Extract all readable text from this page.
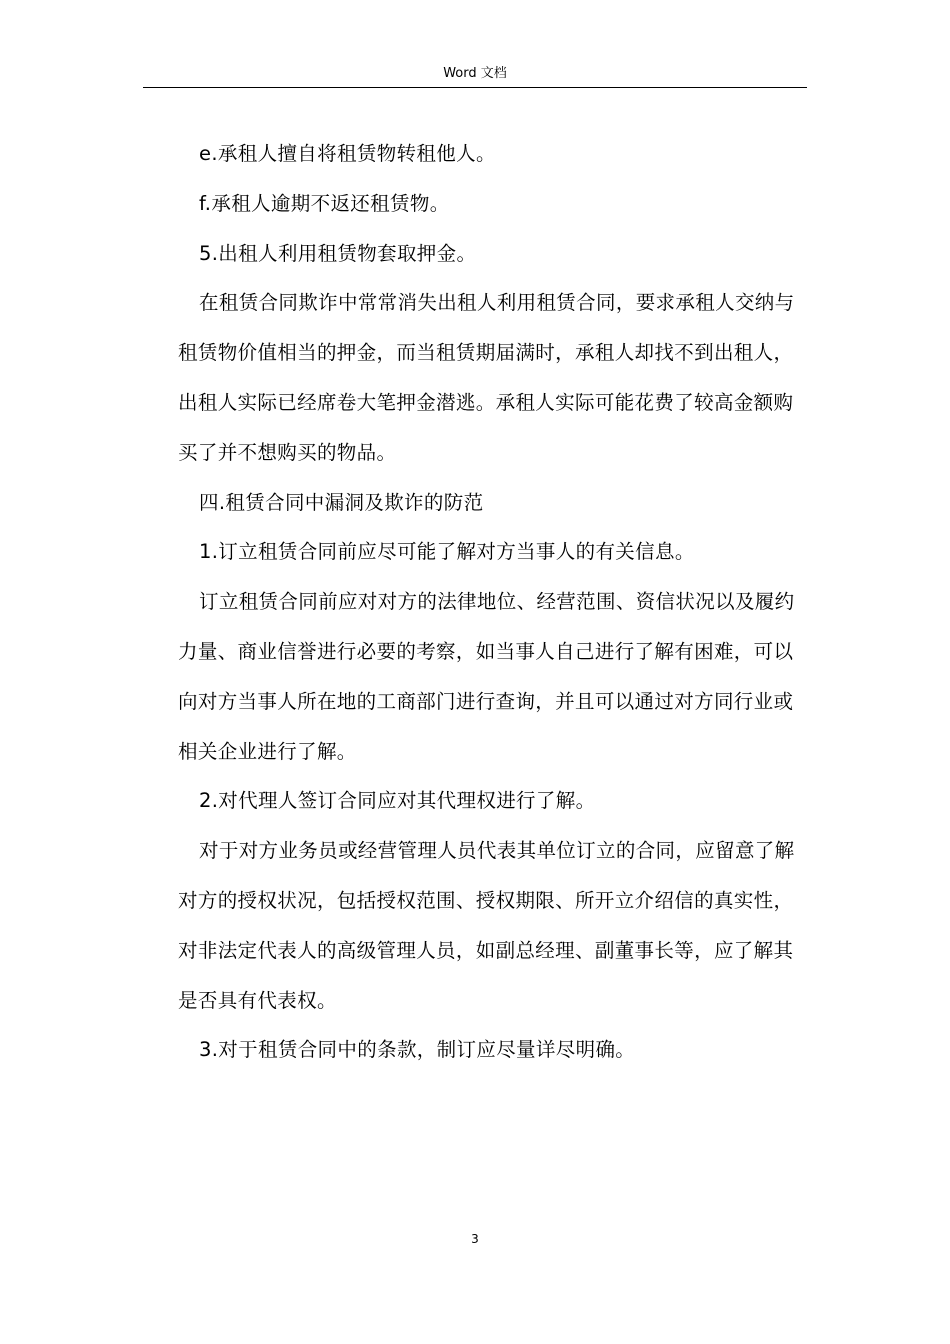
Word 文档

e.承租人擅自将租赁物转租他人。

f.承租人逾期不返还租赁物。

5.出租人利用租赁物套取押金。

在租赁合同欺诈中常常消失出租人利用租赁合同，要求承租人交纳与租赁物价值相当的押金，而当租赁期届满时，承租人却找不到出租人，出租人实际已经席卷大笔押金潜逃。承租人实际可能花费了较高金额购买了并不想购买的物品。

四.租赁合同中漏洞及欺诈的防范

1.订立租赁合同前应尽可能了解对方当事人的有关信息。

订立租赁合同前应对对方的法律地位、经营范围、资信状况以及履约力量、商业信誉进行必要的考察，如当事人自己进行了解有困难，可以向对方当事人所在地的工商部门进行查询，并且可以通过对方同行业或相关企业进行了解。

2.对代理人签订合同应对其代理权进行了解。

对于对方业务员或经营管理人员代表其单位订立的合同，应留意了解对方的授权状况，包括授权范围、授权期限、所开立介绍信的真实性，对非法定代表人的高级管理人员，如副总经理、副董事长等，应了解其是否具有代表权。

3.对于租赁合同中的条款，制订应尽量详尽明确。

3
